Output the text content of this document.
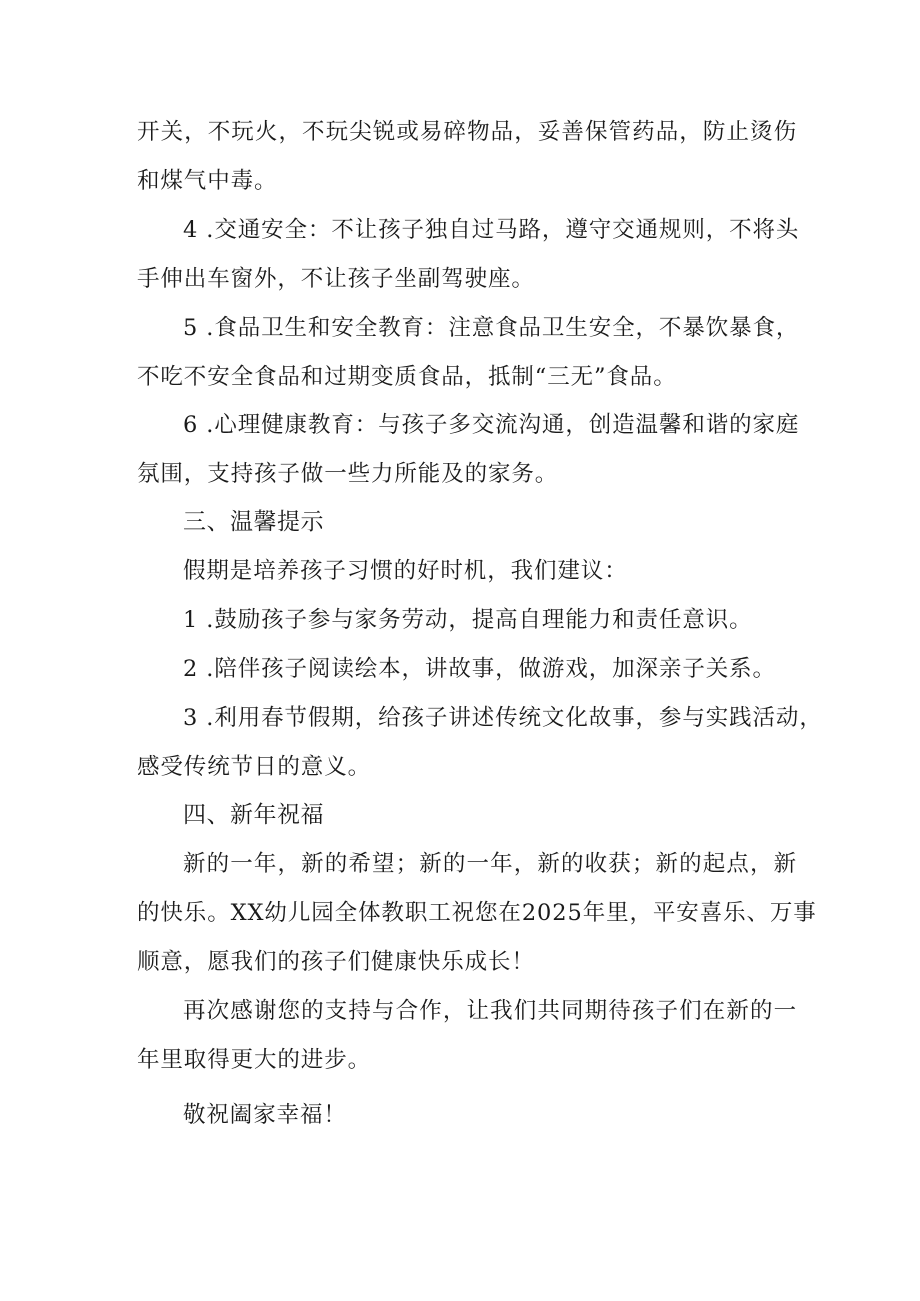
开关，不玩火，不玩尖锐或易碎物品，妥善保管药品，防止烫伤
和煤气中毒。
4 .交通安全：不让孩子独自过马路，遵守交通规则，不将头
手伸出车窗外，不让孩子坐副驾驶座。
5 .食品卫生和安全教育：注意食品卫生安全，不暴饮暴食，
不吃不安全食品和过期变质食品，抵制“三无”食品。
6 .心理健康教育：与孩子多交流沟通，创造温馨和谐的家庭
氛围，支持孩子做一些力所能及的家务。
三、温馨提示
假期是培养孩子习惯的好时机，我们建议：
1 .鼓励孩子参与家务劳动，提高自理能力和责任意识。
2 .陪伴孩子阅读绘本，讲故事，做游戏，加深亲子关系。
3 .利用春节假期，给孩子讲述传统文化故事，参与实践活动，
感受传统节日的意义。
四、新年祝福
新的一年，新的希望；新的一年，新的收获；新的起点，新
的快乐。XX幼儿园全体教职工祝您在2025年里，平安喜乐、万事
顺意，愿我们的孩子们健康快乐成长！
再次感谢您的支持与合作，让我们共同期待孩子们在新的一
年里取得更大的进步。
敬祝阖家幸福！
